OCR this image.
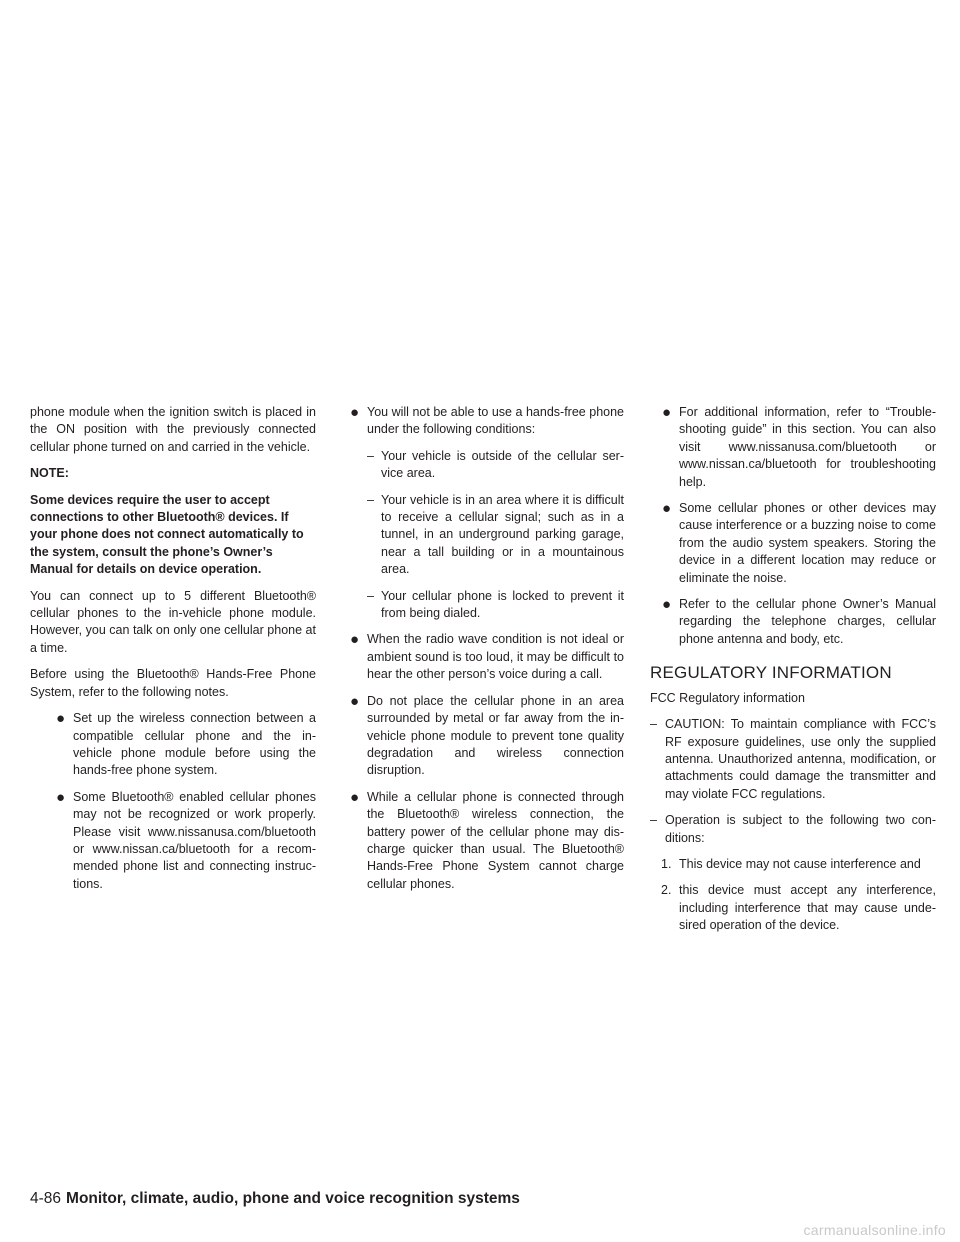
phone module when the ignition switch is placed in the ON position with the previously connected cellular phone turned on and carried in the vehicle.

NOTE:

Some devices require the user to accept connections to other Bluetooth® devices. If your phone does not connect automatically to the system, consult the phone’s Owner’s Manual for details on device operation.

You can connect up to 5 different Bluetooth® cellular phones to the in-vehicle phone module. However, you can talk on only one cellular phone at a time.

Before using the Bluetooth® Hands-Free Phone System, refer to the following notes.

● Set up the wireless connection between a compatible cellular phone and the in-vehicle phone module before using the hands-free phone system.
● Some Bluetooth® enabled cellular phones may not be recognized or work properly. Please visit www.nissanusa.com/bluetooth or www.nissan.ca/bluetooth for a recommended phone list and connecting instructions.
● You will not be able to use a hands-free phone under the following conditions:
– Your vehicle is outside of the cellular service area.
– Your vehicle is in an area where it is difficult to receive a cellular signal; such as in a tunnel, in an underground parking garage, near a tall building or in a mountainous area.
– Your cellular phone is locked to prevent it from being dialed.
● When the radio wave condition is not ideal or ambient sound is too loud, it may be difficult to hear the other person’s voice during a call.
● Do not place the cellular phone in an area surrounded by metal or far away from the in-vehicle phone module to prevent tone quality degradation and wireless connection disruption.
● While a cellular phone is connected through the Bluetooth® wireless connection, the battery power of the cellular phone may discharge quicker than usual. The Bluetooth® Hands-Free Phone System cannot charge cellular phones.
● For additional information, refer to “Troubleshooting guide” in this section. You can also visit www.nissanusa.com/bluetooth or www.nissan.ca/bluetooth for troubleshooting help.
● Some cellular phones or other devices may cause interference or a buzzing noise to come from the audio system speakers. Storing the device in a different location may reduce or eliminate the noise.
● Refer to the cellular phone Owner’s Manual regarding the telephone charges, cellular phone antenna and body, etc.
REGULATORY INFORMATION

FCC Regulatory information

– CAUTION: To maintain compliance with FCC’s RF exposure guidelines, use only the supplied antenna. Unauthorized antenna, modification, or attachments could damage the transmitter and may violate FCC regulations.
– Operation is subject to the following two conditions:
1. This device may not cause interference and
2. this device must accept any interference, including interference that may cause undesired operation of the device.
4-86 Monitor, climate, audio, phone and voice recognition systems
carmanualsonline.info
